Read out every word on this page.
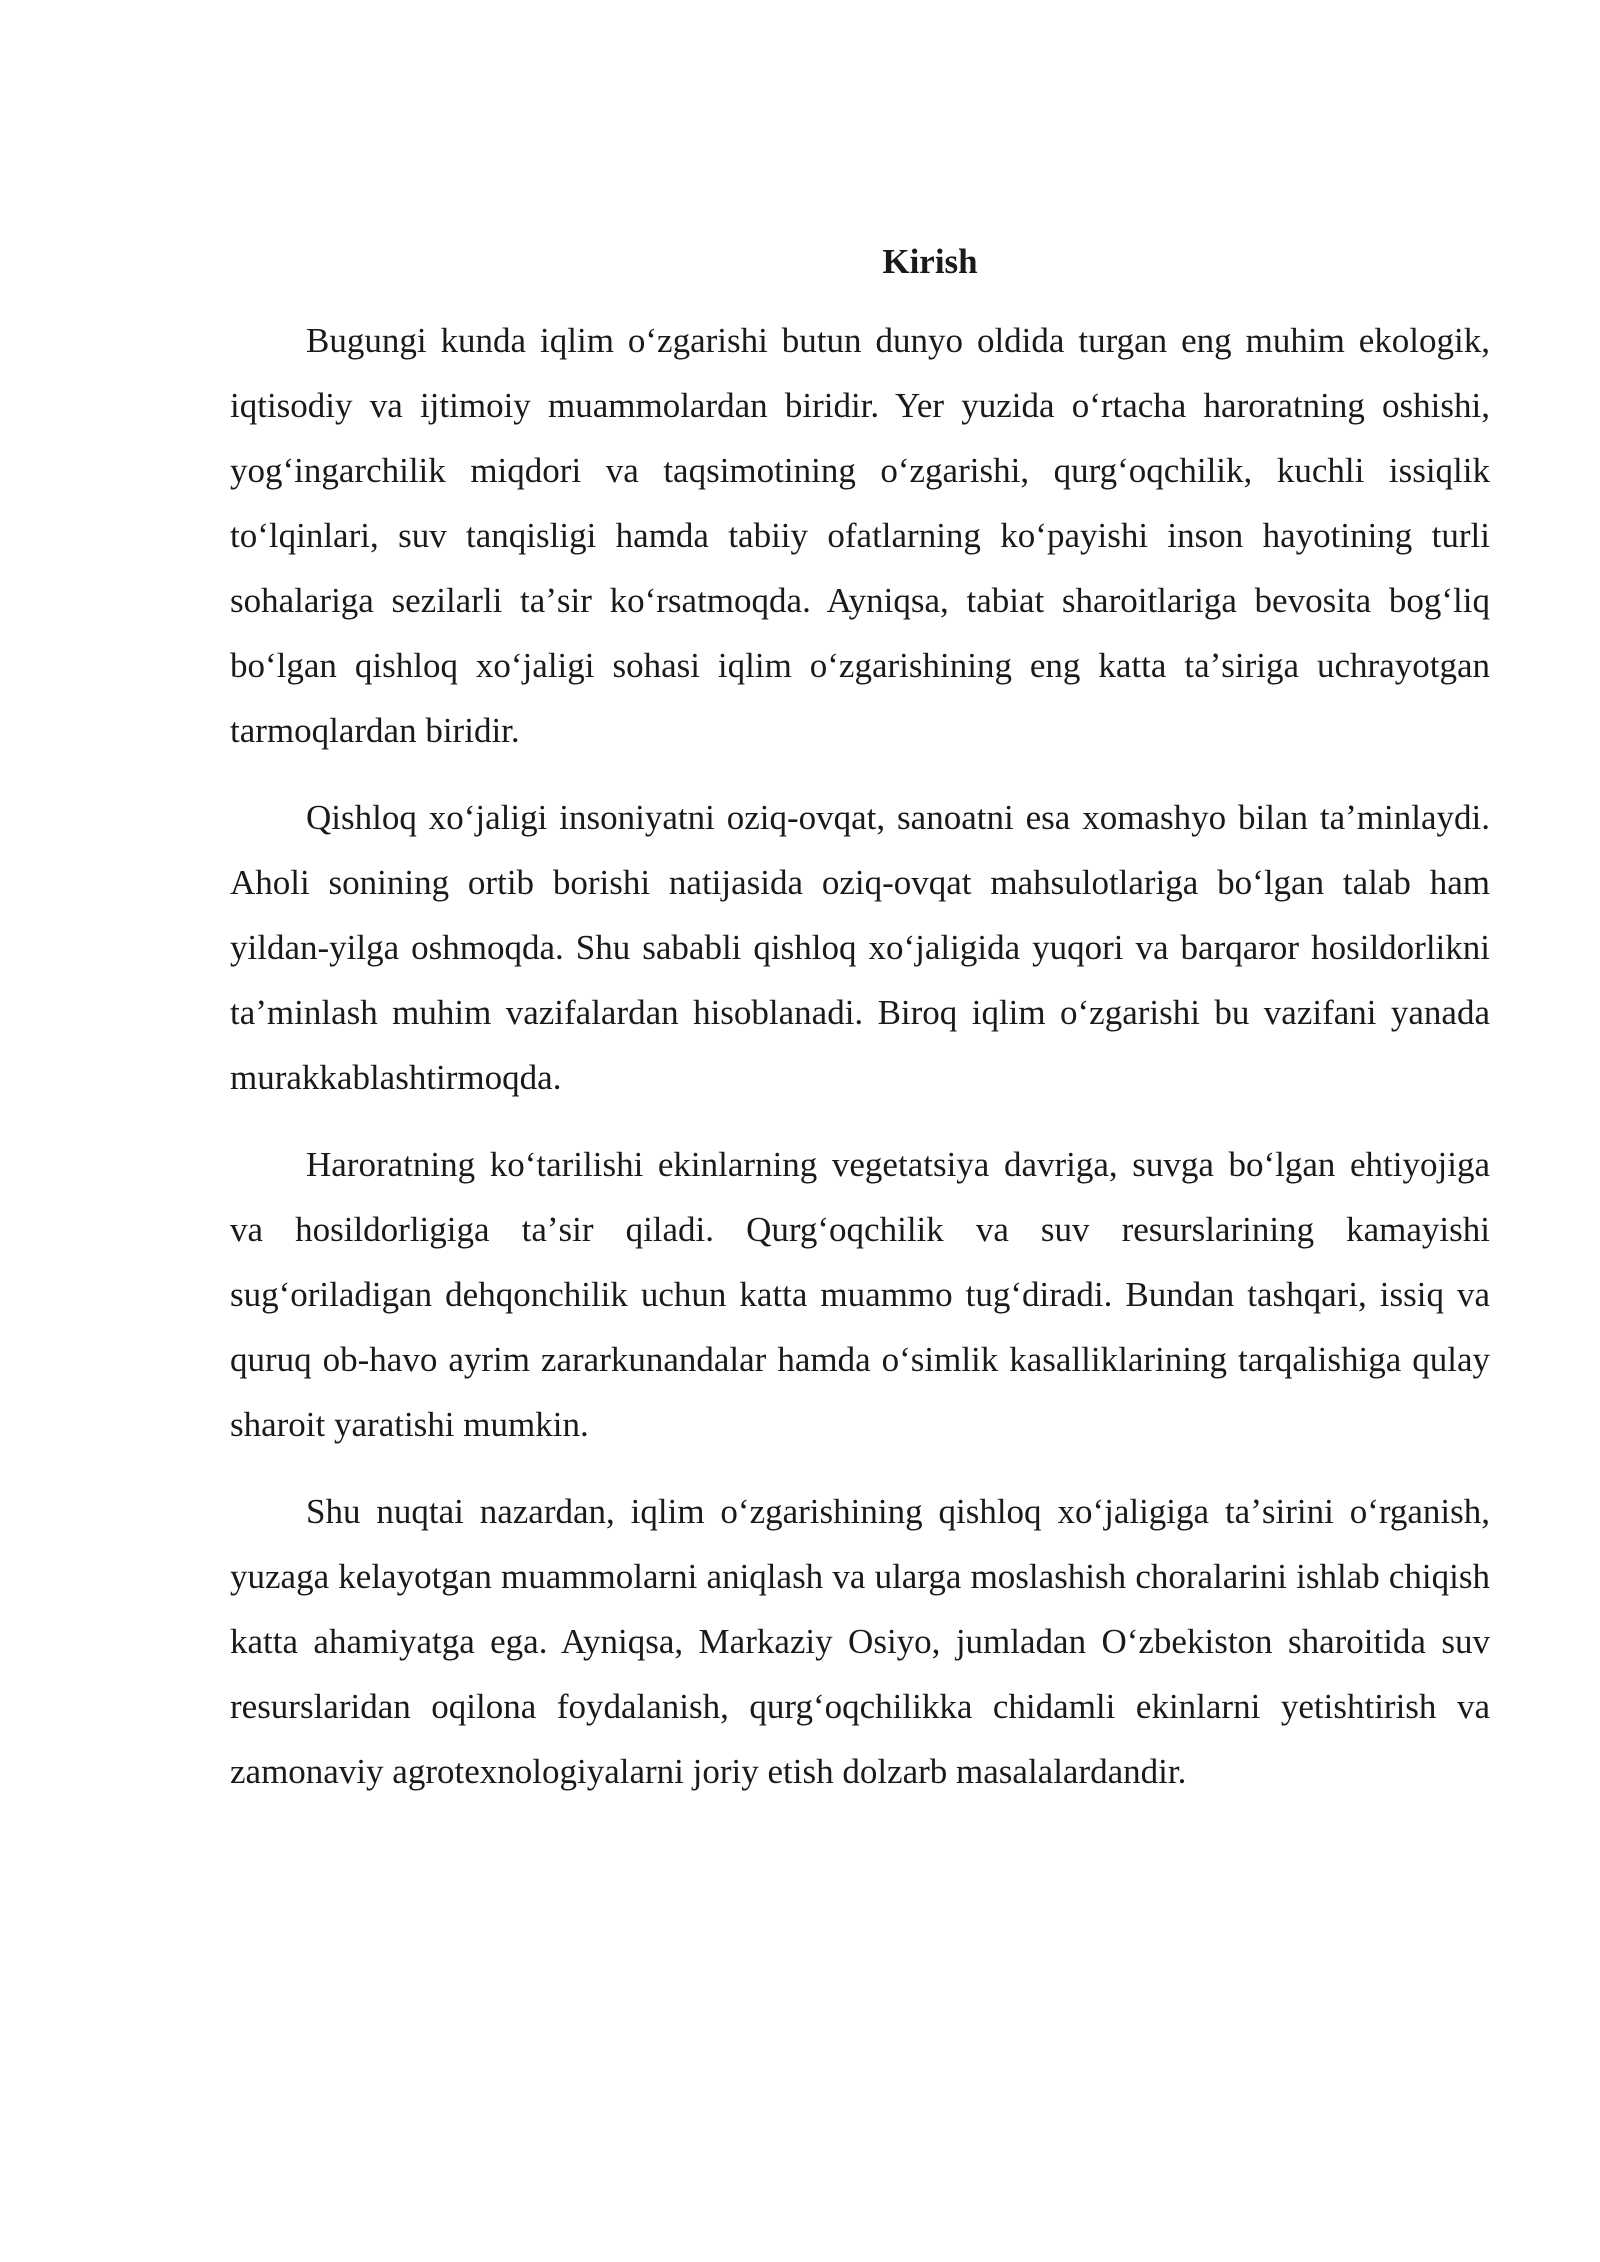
Kirish

Bugungi kunda iqlim oʻzgarishi butun dunyo oldida turgan eng muhim ekologik, iqtisodiy va ijtimoiy muammolardan biridir. Yer yuzida oʻrtacha haroratning oshishi, yogʻingarchilik miqdori va taqsimotining oʻzgarishi, qurgʻoqchilik, kuchli issiqlik toʻlqinlari, suv tanqisligi hamda tabiiy ofatlarning koʻpayishi inson hayotining turli sohalariga sezilarli taʼsir koʻrsatmoqda. Ayniqsa, tabiat sharoitlariga bevosita bogʻliq boʻlgan qishloq xoʻjaligi sohasi iqlim oʻzgarishining eng katta taʼsiriga uchrayotgan tarmoqlardan biridir.

Qishloq xoʻjaligi insoniyatni oziq-ovqat, sanoatni esa xomashyo bilan taʼminlaydi. Aholi sonining ortib borishi natijasida oziq-ovqat mahsulotlariga boʻlgan talab ham yildan-yilga oshmoqda. Shu sababli qishloq xoʻjaligida yuqori va barqaror hosildorlikni taʼminlash muhim vazifalardan hisoblanadi. Biroq iqlim oʻzgarishi bu vazifani yanada murakkablashtirmoqda.

Haroratning koʻtarilishi ekinlarning vegetatsiya davriga, suvga boʻlgan ehtiyojiga va hosildorligiga taʼsir qiladi. Qurgʻoqchilik va suv resurslarining kamayishi sugʻoriladigan dehqonchilik uchun katta muammo tugʻdiradi. Bundan tashqari, issiq va quruq ob-havo ayrim zararkunandalar hamda oʻsimlik kasalliklarining tarqalishiga qulay sharoit yaratishi mumkin.

Shu nuqtai nazardan, iqlim oʻzgarishining qishloq xoʻjaligiga taʼsirini oʻrganish, yuzaga kelayotgan muammolarni aniqlash va ularga moslashish choralarini ishlab chiqish katta ahamiyatga ega. Ayniqsa, Markaziy Osiyo, jumladan Oʻzbekiston sharoitida suv resurslaridan oqilona foydalanish, qurgʻoqchilikka chidamli ekinlarni yetishtirish va zamonaviy agrotexnologiyalarni joriy etish dolzarb masalalardandir.
